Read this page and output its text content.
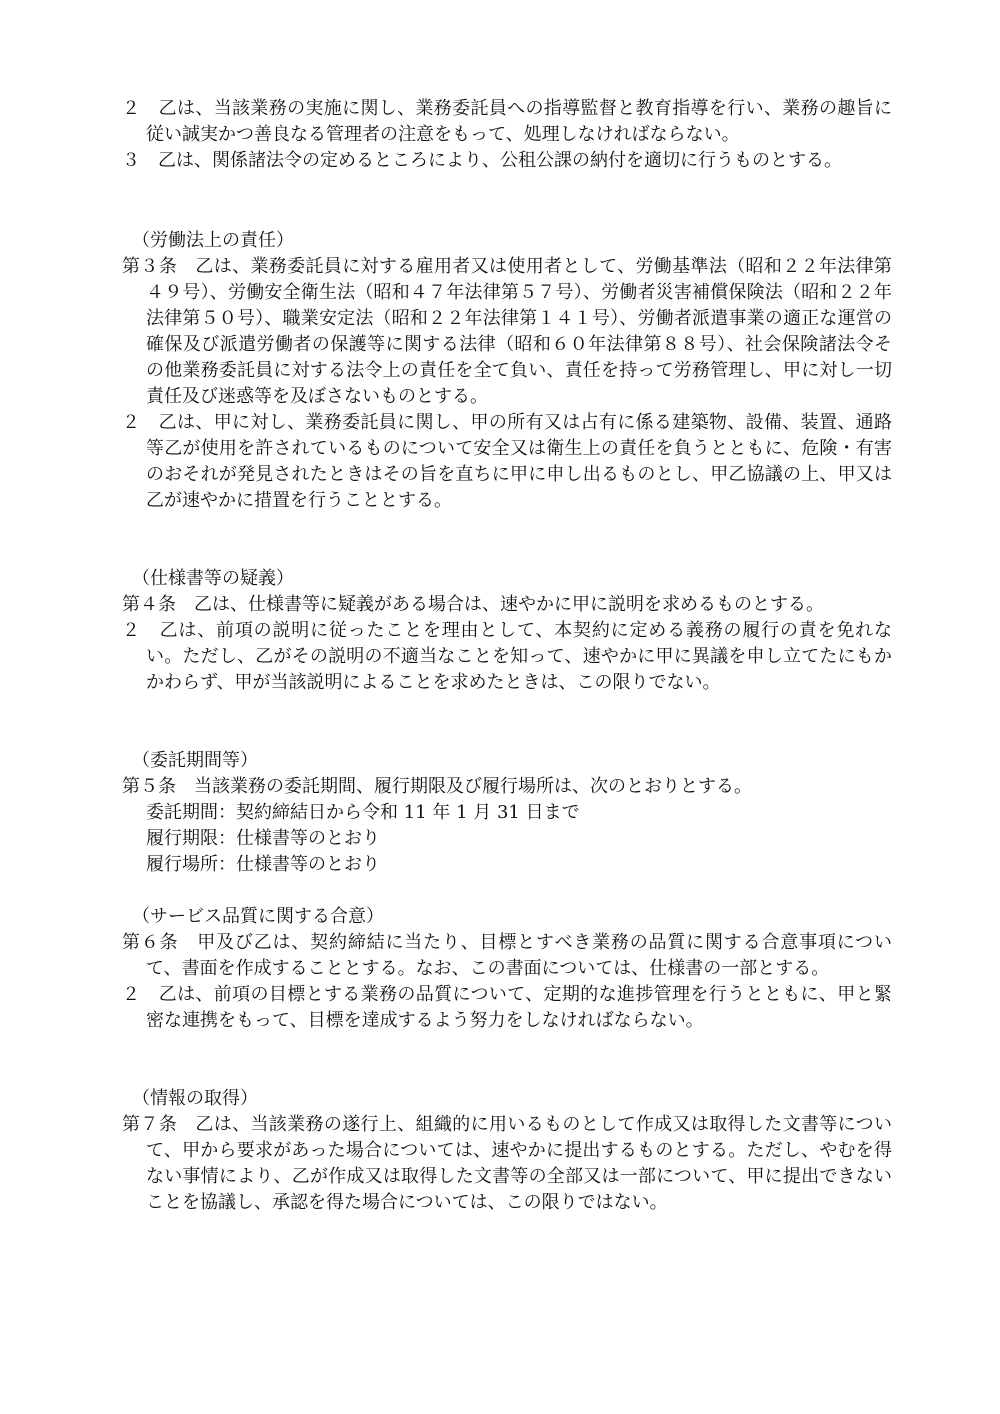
２　乙は、当該業務の実施に関し、業務委託員への指導監督と教育指導を行い、業務の趣旨に従い誠実かつ善良なる管理者の注意をもって、処理しなければならない。

３　乙は、関係諸法令の定めるところにより、公租公課の納付を適切に行うものとする。

（労働法上の責任）

第３条　乙は、業務委託員に対する雇用者又は使用者として、労働基準法（昭和２２年法律第４９号）、労働安全衛生法（昭和４７年法律第５７号）、労働者災害補償保険法（昭和２２年法律第５０号）、職業安定法（昭和２２年法律第１４１号）、労働者派遣事業の適正な運営の確保及び派遣労働者の保護等に関する法律（昭和６０年法律第８８号）、社会保険諸法令その他業務委託員に対する法令上の責任を全て負い、責任を持って労務管理し、甲に対し一切責任及び迷惑等を及ぼさないものとする。

２　乙は、甲に対し、業務委託員に関し、甲の所有又は占有に係る建築物、設備、装置、通路等乙が使用を許されているものについて安全又は衛生上の責任を負うとともに、危険・有害のおそれが発見されたときはその旨を直ちに甲に申し出るものとし、甲乙協議の上、甲又は乙が速やかに措置を行うこととする。

（仕様書等の疑義）

第４条　乙は、仕様書等に疑義がある場合は、速やかに甲に説明を求めるものとする。

２　乙は、前項の説明に従ったことを理由として、本契約に定める義務の履行の責を免れない。ただし、乙がその説明の不適当なことを知って、速やかに甲に異議を申し立てたにもかかわらず、甲が当該説明によることを求めたときは、この限りでない。

（委託期間等）

第５条　当該業務の委託期間、履行期限及び履行場所は、次のとおりとする。

委託期間：契約締結日から令和 11 年 1 月 31 日まで

履行期限：仕様書等のとおり

履行場所：仕様書等のとおり

（サービス品質に関する合意）

第６条　甲及び乙は、契約締結に当たり、目標とすべき業務の品質に関する合意事項について、書面を作成することとする。なお、この書面については、仕様書の一部とする。

２　乙は、前項の目標とする業務の品質について、定期的な進捗管理を行うとともに、甲と緊密な連携をもって、目標を達成するよう努力をしなければならない。

（情報の取得）

第７条　乙は、当該業務の遂行上、組織的に用いるものとして作成又は取得した文書等について、甲から要求があった場合については、速やかに提出するものとする。ただし、やむを得ない事情により、乙が作成又は取得した文書等の全部又は一部について、甲に提出できないことを協議し、承認を得た場合については、この限りではない。
